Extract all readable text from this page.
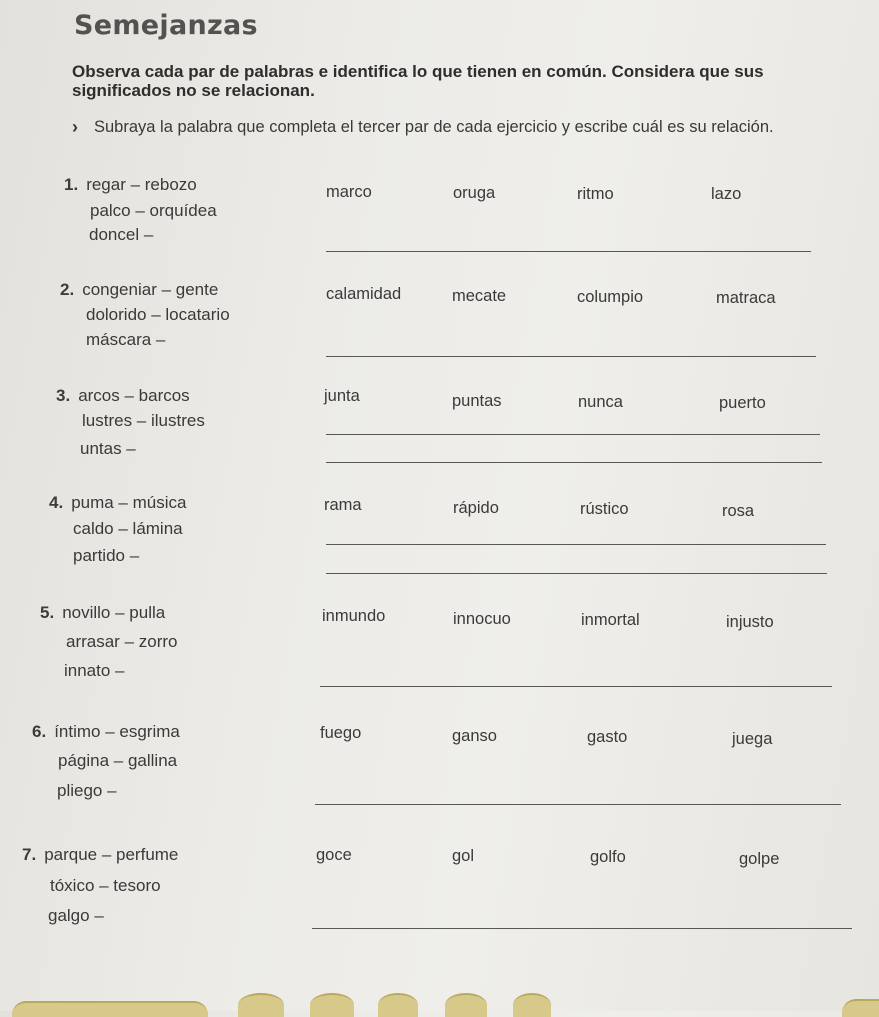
Semejanzas
Observa cada par de palabras e identifica lo que tienen en común. Considera que sus significados no se relacionan.
› Subraya la palabra que completa el tercer par de cada ejercicio y escribe cuál es su relación.
1. regar – rebozo
palco – orquídea
doncel –
marco	oruga	ritmo	lazo
2. congeniar – gente
dolorido – locatario
máscara –
calamidad	mecate	columpio	matraca
3. arcos – barcos
lustres – ilustres
untas –
junta	puntas	nunca	puerto
4. puma – música
caldo – lámina
partido –
rama	rápido	rústico	rosa
5. novillo – pulla
arrasar – zorro
innato –
inmundo	innocuo	inmortal	injusto
6. íntimo – esgrima
página – gallina
pliego –
fuego	ganso	gasto	juega
7. parque – perfume
tóxico – tesoro
galgo –
goce	gol	golfo	golpe
